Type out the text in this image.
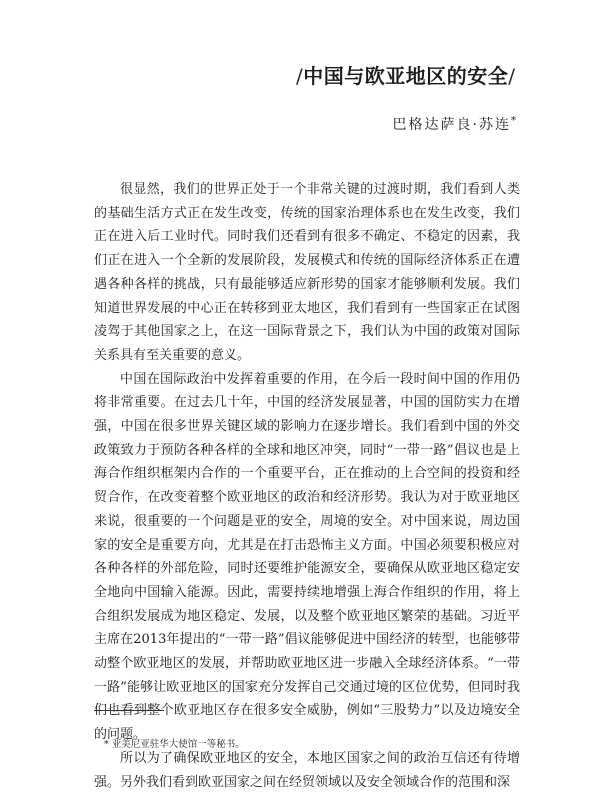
/中国与欧亚地区的安全/
巴格达萨良·苏连*

很显然，我们的世界正处于一个非常关键的过渡时期，我们看到人类的基础生活方式正在发生改变，传统的国家治理体系也在发生改变，我们正在进入后工业时代。同时我们还看到有很多不确定、不稳定的因素，我们正在进入一个全新的发展阶段，发展模式和传统的国际经济体系正在遭遇各种各样的挑战，只有最能够适应新形势的国家才能够顺利发展。我们知道世界发展的中心正在转移到亚太地区，我们看到有一些国家正在试图凌驾于其他国家之上，在这一国际背景之下，我们认为中国的政策对国际关系具有至关重要的意义。

中国在国际政治中发挥着重要的作用，在今后一段时间中国的作用仍将非常重要。在过去几十年，中国的经济发展显著，中国的国防实力在增强，中国在很多世界关键区域的影响力在逐步增长。我们看到中国的外交政策致力于预防各种各样的全球和地区冲突，同时“一带一路”倡议也是上海合作组织框架内合作的一个重要平台，正在推动的上合空间的投资和经贸合作，在改变着整个欧亚地区的政治和经济形势。我认为对于欧亚地区来说，很重要的一个问题是亚的安全，周境的安全。对中国来说，周边国家的安全是重要方向，尤其是在打击恐怖主义方面。中国必须要积极应对各种各样的外部危险，同时还要维护能源安全，要确保从欧亚地区稳定安全地向中国输入能源。因此，需要持续地增强上海合作组织的作用，将上合组织发展成为地区稳定、发展，以及整个欧亚地区繁荣的基础。习近平主席在2013年提出的“一带一路”倡议能够促进中国经济的转型，也能够带动整个欧亚地区的发展，并帮助欧亚地区进一步融入全球经济体系。“一带一路”能够让欧亚地区的国家充分发挥自己交通过境的区位优势，但同时我们也看到整个欧亚地区存在很多安全威胁，例如“三股势力”以及边境安全的问题。

所以为了确保欧亚地区的安全，本地区国家之间的政治互信还有待增强。另外我们看到欧亚国家之间在经贸领域以及安全领域合作的范围和深

* 亚美尼亚驻华大使馆一等秘书。
